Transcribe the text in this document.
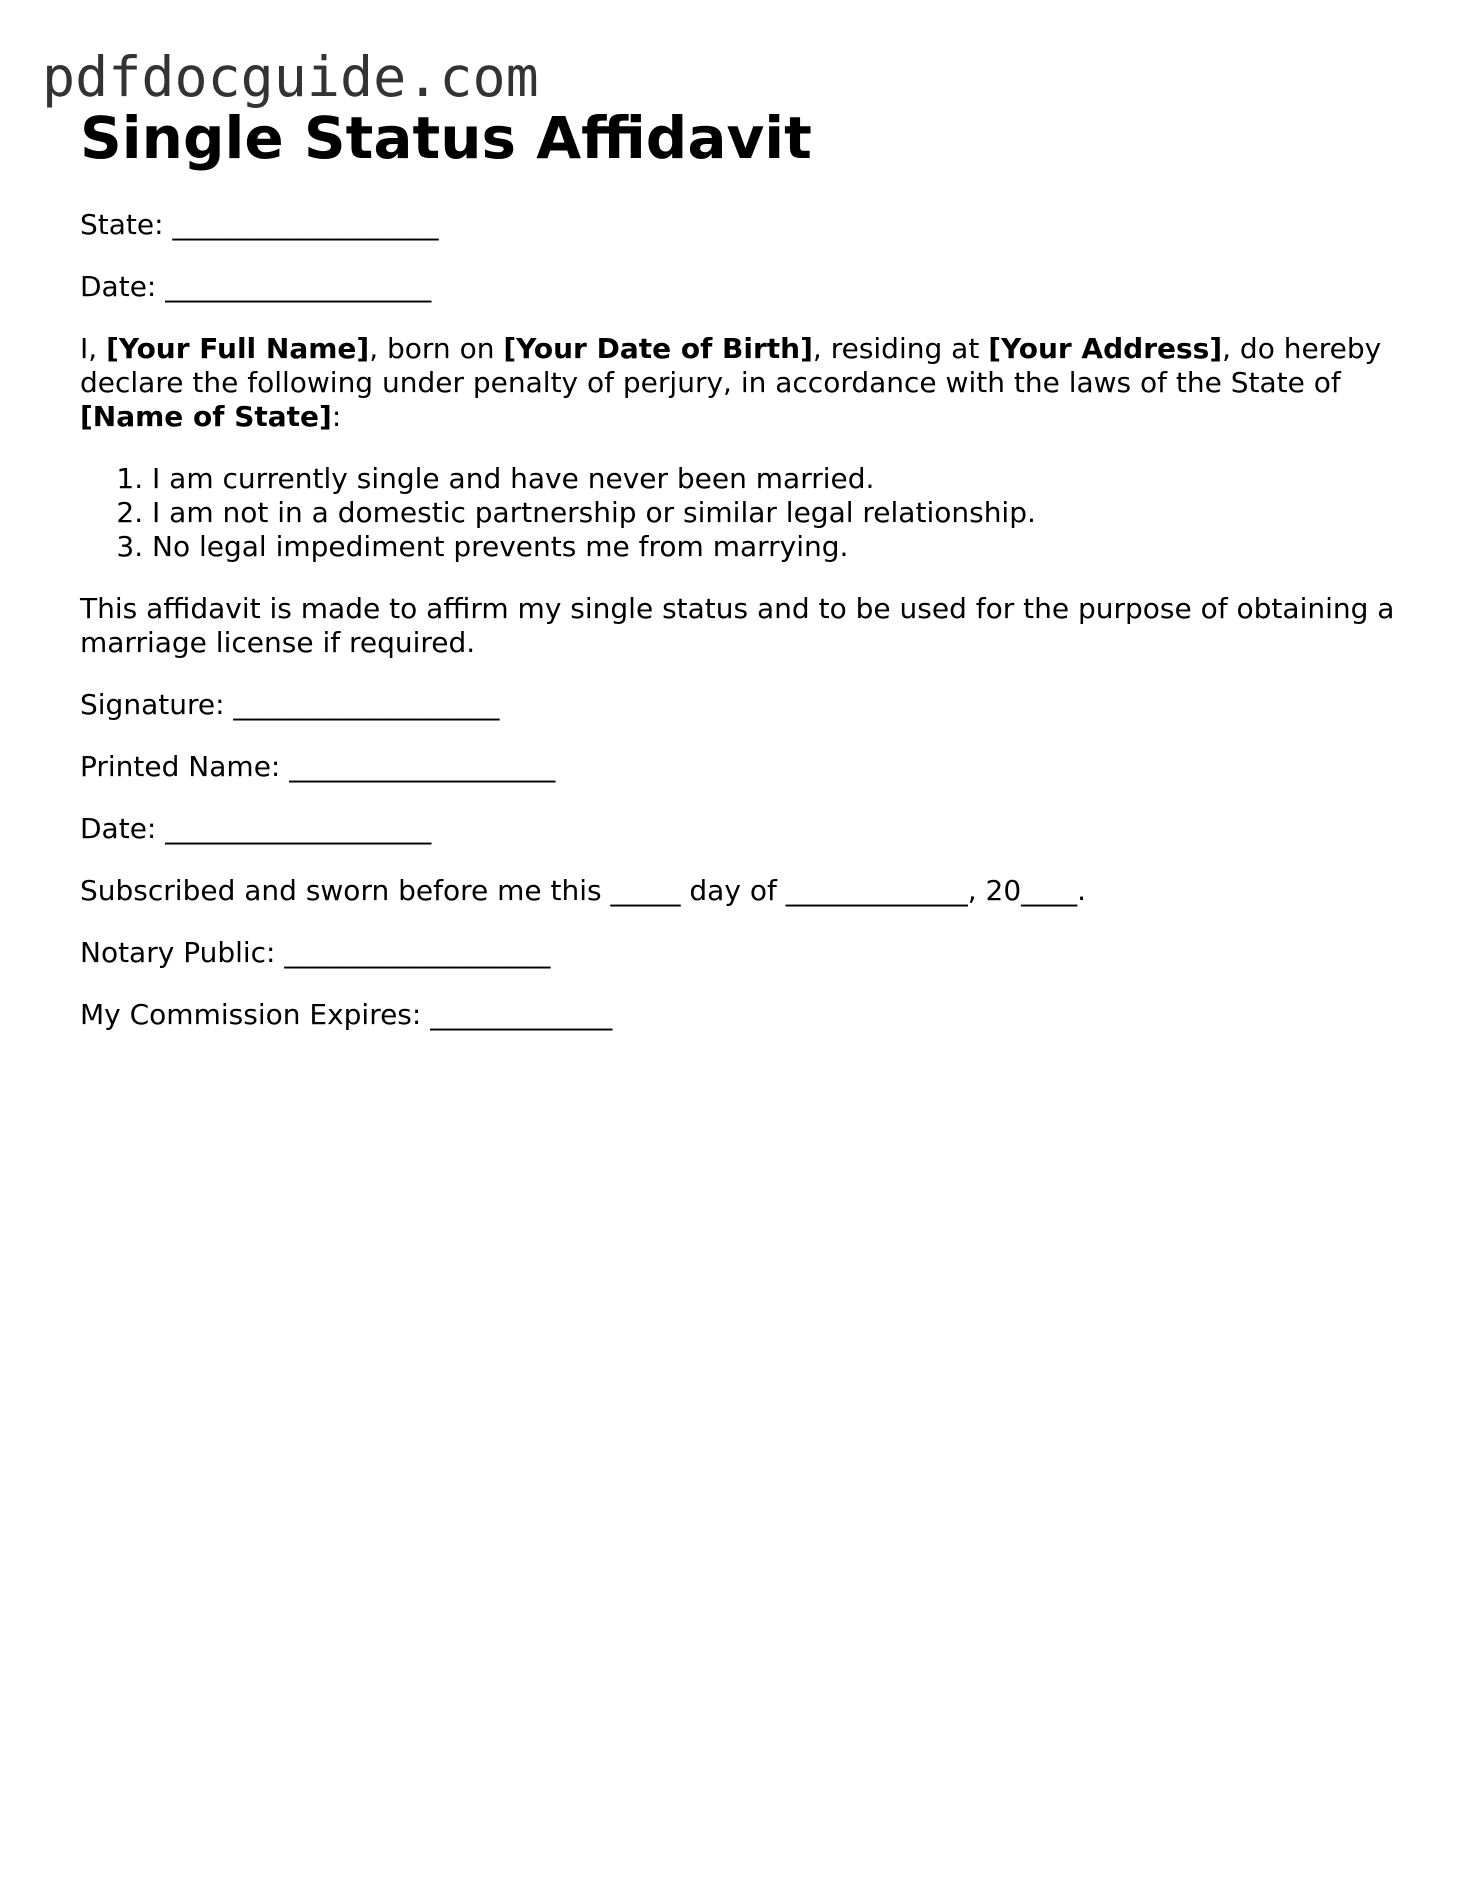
pdfdocguide.com
Single Status Affidavit

State: ___________________

Date: ___________________

I, [Your Full Name], born on [Your Date of Birth], residing at [Your Address], do hereby declare the following under penalty of perjury, in accordance with the laws of the State of [Name of State]:

1. I am currently single and have never been married.
2. I am not in a domestic partnership or similar legal relationship.
3. No legal impediment prevents me from marrying.

This affidavit is made to affirm my single status and to be used for the purpose of obtaining a marriage license if required.

Signature: ___________________

Printed Name: ___________________

Date: ___________________

Subscribed and sworn before me this _____ day of _____________, 20____.

Notary Public: ___________________

My Commission Expires: _____________
